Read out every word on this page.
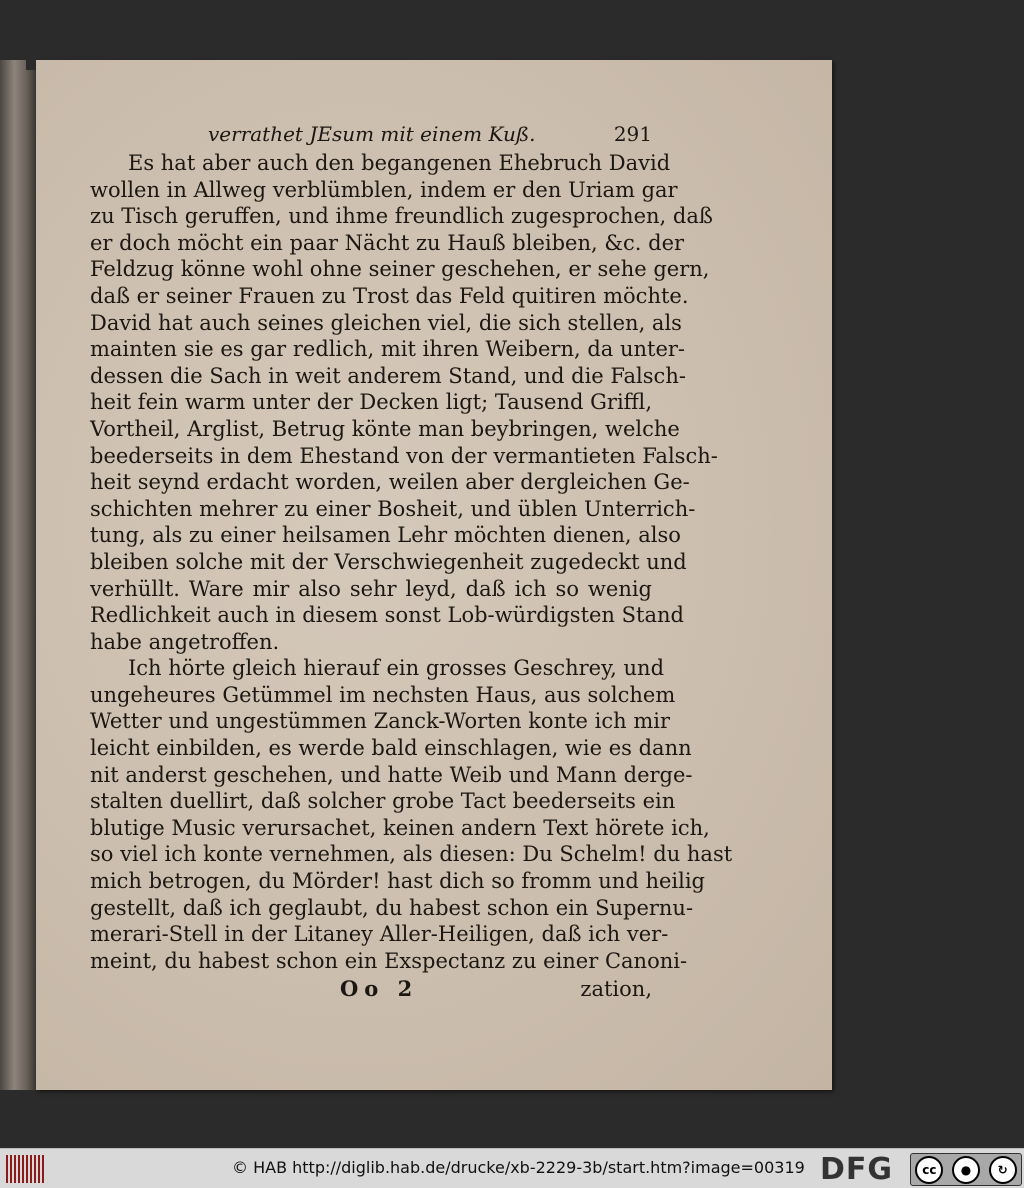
verrathet JEsum mit einem Kuß.	291
Es hat aber auch den begangenen Ehebruch David
wollen in Allweg verblümblen, indem er den Uriam gar
zu Tisch geruffen, und ihme freundlich zugesprochen, daß
er doch möcht ein paar Nächt zu Hauß bleiben, &c. der
Feldzug könne wohl ohne seiner geschehen, er sehe gern,
daß er seiner Frauen zu Trost das Feld quitiren möchte.
David hat auch seines gleichen viel, die sich stellen, als
mainten sie es gar redlich, mit ihren Weibern, da unter-
dessen die Sach in weit anderem Stand, und die Falsch-
heit fein warm unter der Decken ligt; Tausend Griffl,
Vortheil, Arglist, Betrug könte man beybringen, welche
beederseits in dem Ehestand von der vermantieten Falsch-
heit seynd erdacht worden, weilen aber dergleichen Ge-
schichten mehrer zu einer Bosheit, und üblen Unterrich-
tung, als zu einer heilsamen Lehr möchten dienen, also
bleiben solche mit der Verschwiegenheit zugedeckt und
verhüllt. Ware mir also sehr leyd, daß ich so wenig
Redlichkeit auch in diesem sonst Lob-würdigsten Stand
habe angetroffen.
Ich hörte gleich hierauf ein grosses Geschrey, und
ungeheures Getümmel im nechsten Haus, aus solchem
Wetter und ungestümmen Zanck-Worten konte ich mir
leicht einbilden, es werde bald einschlagen, wie es dann
nit anderst geschehen, und hatte Weib und Mann derge-
stalten duellirt, daß solcher grobe Tact beederseits ein
blutige Music verursachet, keinen andern Text hörete ich,
so viel ich konte vernehmen, als diesen: Du Schelm! du hast
mich betrogen, du Mörder! hast dich so fromm und heilig
gestellt, daß ich geglaubt, du habest schon ein Supernu-
merari-Stell in der Litaney Aller-Heiligen, daß ich ver-
meint, du habest schon ein Exspectanz zu einer Canoni-
Oo 2	zation,
© HAB http://diglib.hab.de/drucke/xb-2229-3b/start.htm?image=00319 DFG	cc	●	↻
